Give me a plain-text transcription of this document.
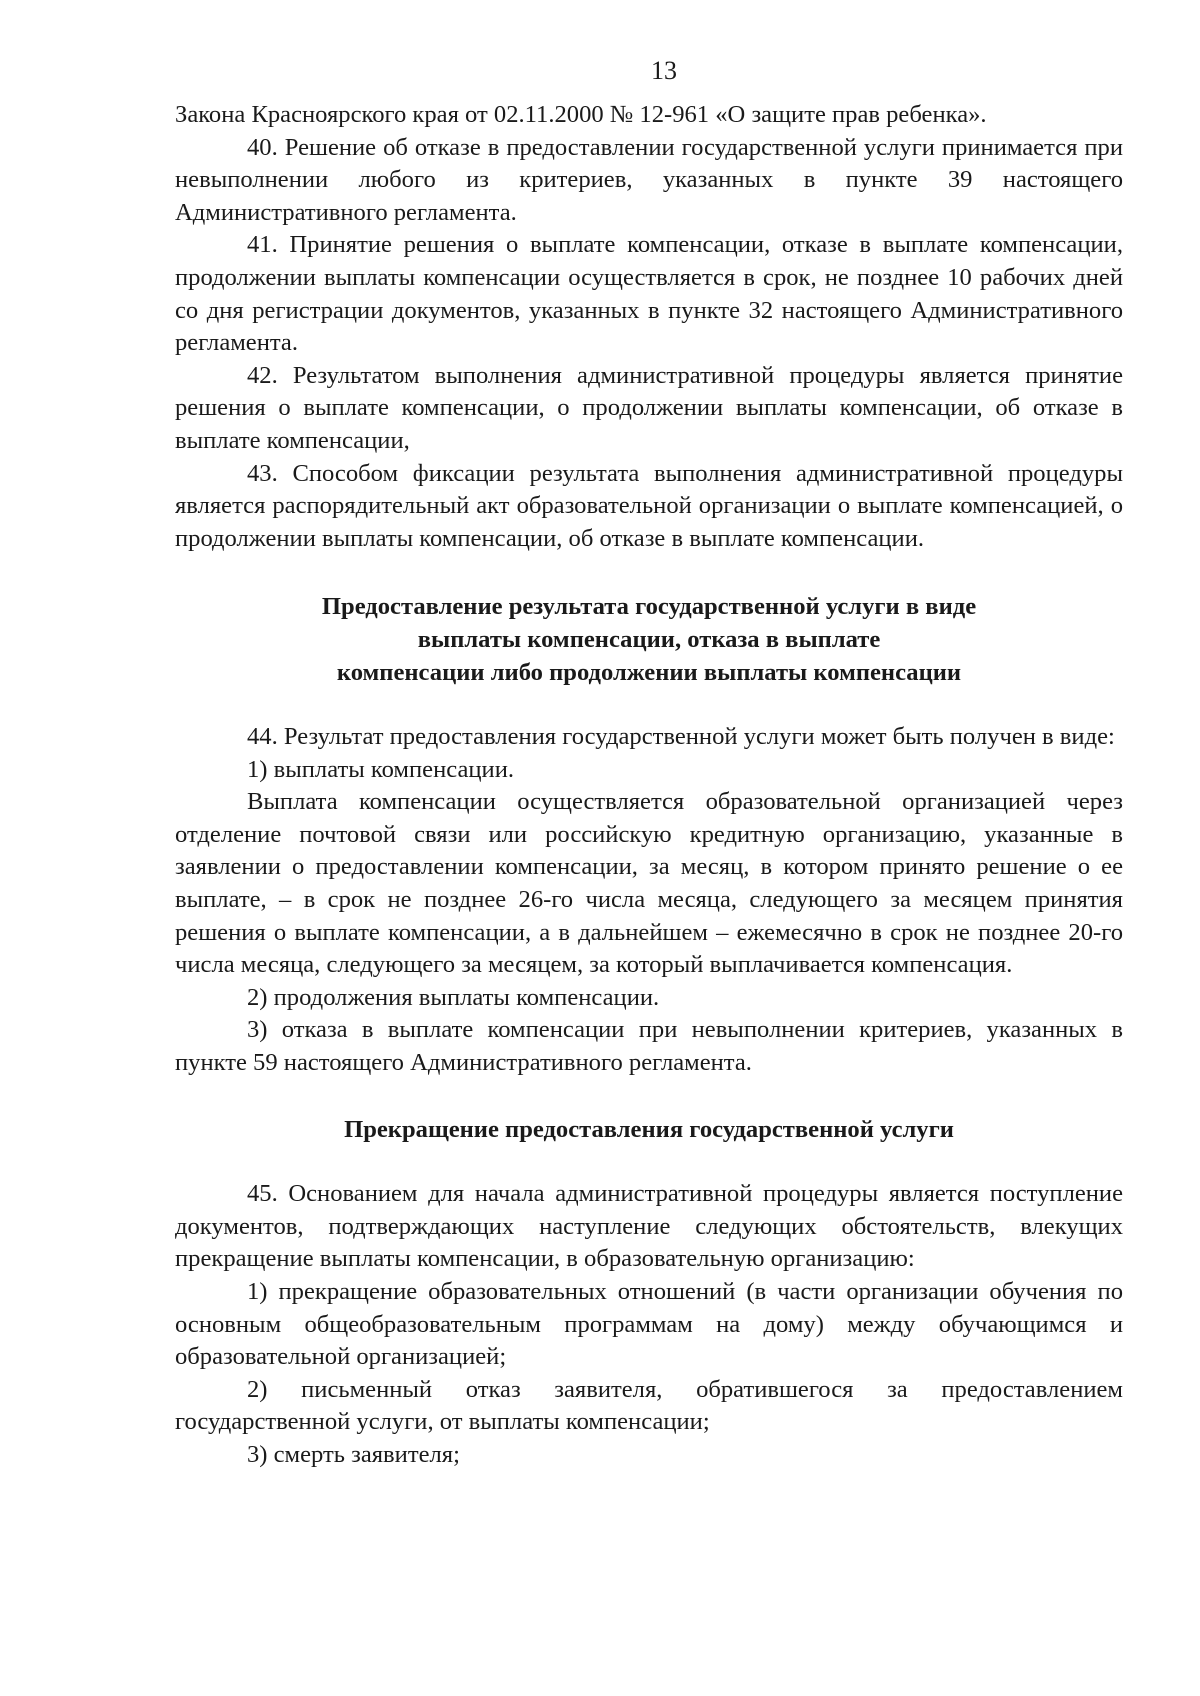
13

Закона Красноярского края от 02.11.2000 № 12-961 «О защите прав ребенка».

40. Решение об отказе в предоставлении государственной услуги принимается при невыполнении любого из критериев, указанных в пункте 39 настоящего Административного регламента.

41. Принятие решения о выплате компенсации, отказе в выплате компенсации, продолжении выплаты компенсации осуществляется в срок, не позднее 10 рабочих дней со дня регистрации документов, указанных в пункте 32 настоящего Административного регламента.

42. Результатом выполнения административной процедуры является принятие решения о выплате компенсации, о продолжении выплаты компенсации, об отказе в выплате компенсации,

43. Способом фиксации результата выполнения административной процедуры является распорядительный акт образовательной организации о выплате компенсацией, о продолжении выплаты компенсации, об отказе в выплате компенсации.

Предоставление результата государственной услуги в виде
выплаты компенсации, отказа в выплате
компенсации либо продолжении выплаты компенсации

44. Результат предоставления государственной услуги может быть получен в виде:

1) выплаты компенсации.

Выплата компенсации осуществляется образовательной организацией через отделение почтовой связи или российскую кредитную организацию, указанные в заявлении о предоставлении компенсации, за месяц, в котором принято решение о ее выплате, – в срок не позднее 26-го числа месяца, следующего за месяцем принятия решения о выплате компенсации, а в дальнейшем – ежемесячно в срок не позднее 20-го числа месяца, следующего за месяцем, за который выплачивается компенсация.

2) продолжения выплаты компенсации.

3) отказа в выплате компенсации при невыполнении критериев, указанных в пункте 59 настоящего Административного регламента.

Прекращение предоставления государственной услуги

45. Основанием для начала административной процедуры является поступление документов, подтверждающих наступление следующих обстоятельств, влекущих прекращение выплаты компенсации, в образовательную организацию:

1) прекращение образовательных отношений (в части организации обучения по основным общеобразовательным программам на дому) между обучающимся и образовательной организацией;

2) письменный отказ заявителя, обратившегося за предоставлением государственной услуги, от выплаты компенсации;

3) смерть заявителя;
